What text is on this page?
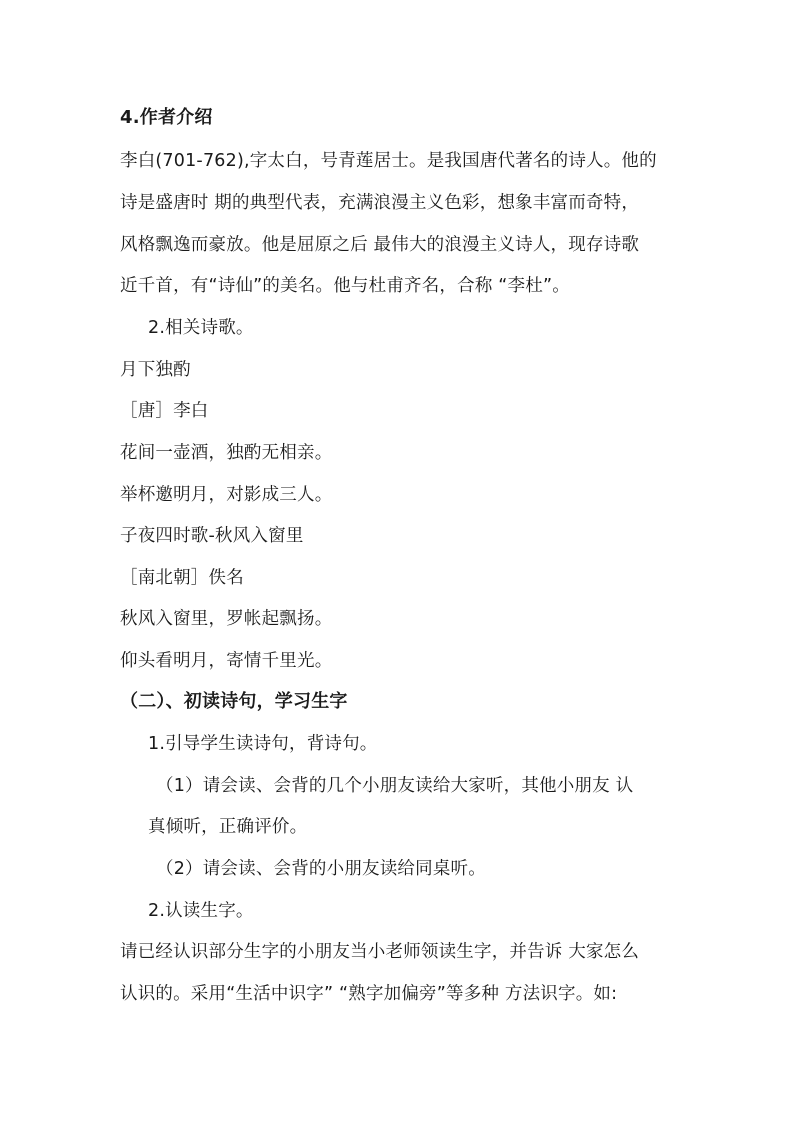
4.作者介绍
李白(701-762),字太白，号青莲居士。是我国唐代著名的诗人。他的
诗是盛唐时 期的典型代表，充满浪漫主义色彩，想象丰富而奇特，
风格飘逸而豪放。他是屈原之后 最伟大的浪漫主义诗人，现存诗歌
近千首，有“诗仙”的美名。他与杜甫齐名，合称 “李杜”。
2.相关诗歌。
月下独酌
［唐］李白
花间一壶酒，独酌无相亲。
举杯邀明月，对影成三人。
子夜四时歌-秋风入窗里
［南北朝］佚名
秋风入窗里，罗帐起飘扬。
仰头看明月，寄情千里光。
（二）、初读诗句，学习生字
1.引导学生读诗句，背诗句。
（1）请会读、会背的几个小朋友读给大家听，其他小朋友 认
真倾听，正确评价。
（2）请会读、会背的小朋友读给同桌听。
2.认读生字。
请已经认识部分生字的小朋友当小老师领读生字，并告诉 大家怎么
认识的。采用“生活中识字” “熟字加偏旁”等多种 方法识字。如:
